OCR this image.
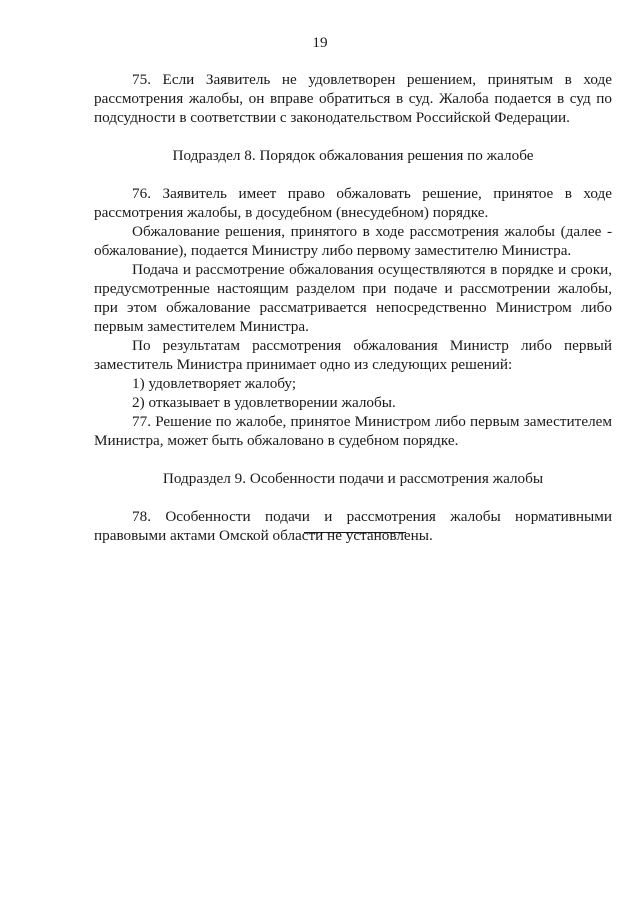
19

75. Если Заявитель не удовлетворен решением, принятым в ходе рассмотрения жалобы, он вправе обратиться в суд. Жалоба подается в суд по подсудности в соответствии с законодательством Российской Федерации.

Подраздел 8. Порядок обжалования решения по жалобе

76. Заявитель имеет право обжаловать решение, принятое в ходе рассмотрения жалобы, в досудебном (внесудебном) порядке.

Обжалование решения, принятого в ходе рассмотрения жалобы (далее - обжалование), подается Министру либо первому заместителю Министра.

Подача и рассмотрение обжалования осуществляются в порядке и сроки, предусмотренные настоящим разделом при подаче и рассмотрении жалобы, при этом обжалование рассматривается непосредственно Министром либо первым заместителем Министра.

По результатам рассмотрения обжалования Министр либо первый заместитель Министра принимает одно из следующих решений:

1) удовлетворяет жалобу;

2) отказывает в удовлетворении жалобы.

77. Решение по жалобе, принятое Министром либо первым заместителем Министра, может быть обжаловано в судебном порядке.

Подраздел 9. Особенности подачи и рассмотрения жалобы

78. Особенности подачи и рассмотрения жалобы нормативными правовыми актами Омской области не установлены.
